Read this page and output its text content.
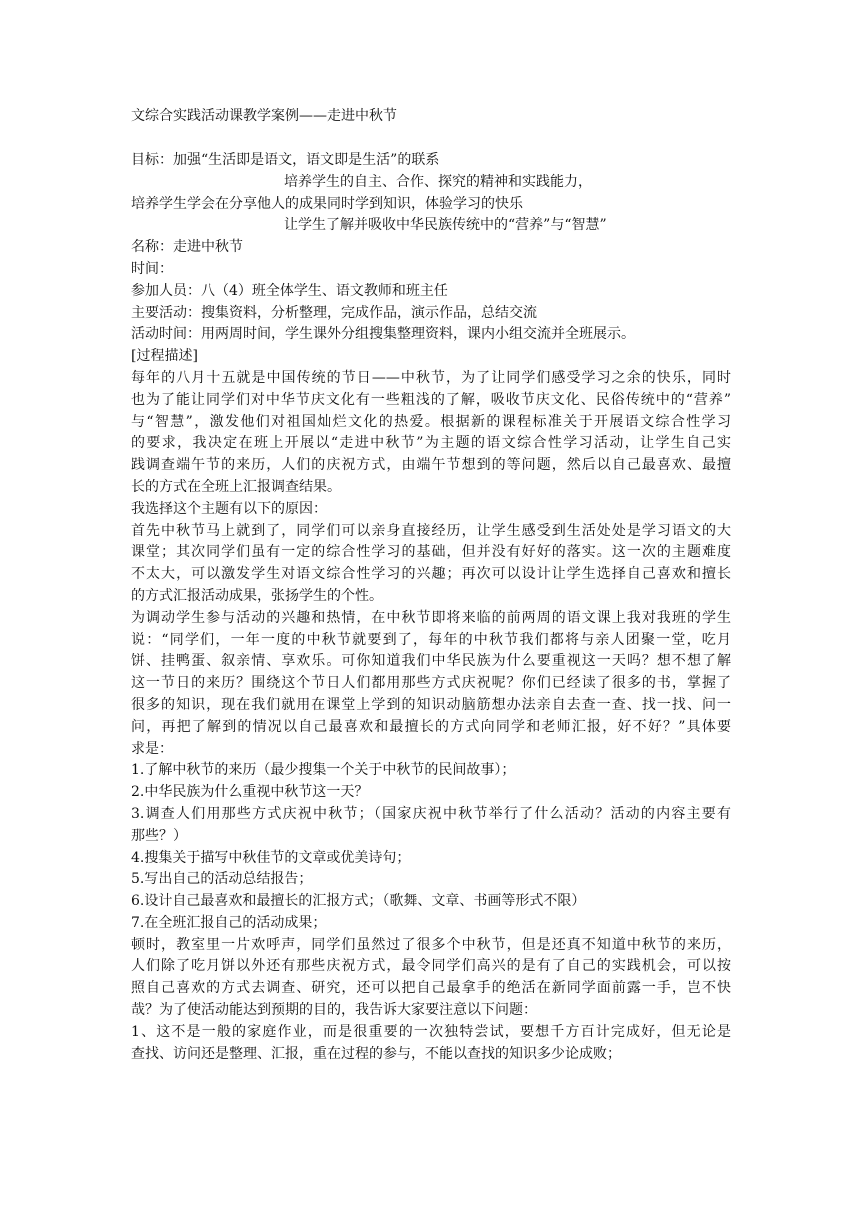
文综合实践活动课教学案例——走进中秋节
目标：加强“生活即是语文，语文即是生活”的联系
培养学生的自主、合作、探究的精神和实践能力，
培养学生学会在分享他人的成果同时学到知识，体验学习的快乐
让学生了解并吸收中华民族传统中的“营养”与“智慧”
名称：走进中秋节
时间：
参加人员：八（4）班全体学生、语文教师和班主任
主要活动：搜集资料，分析整理，完成作品，演示作品，总结交流
活动时间：用两周时间，学生课外分组搜集整理资料，课内小组交流并全班展示。
[过程描述]
每年的八月十五就是中国传统的节日——中秋节，为了让同学们感受学习之余的快乐，同时
也为了能让同学们对中华节庆文化有一些粗浅的了解，吸收节庆文化、民俗传统中的“营养”
与“智慧”，激发他们对祖国灿烂文化的热爱。根据新的课程标准关于开展语文综合性学习
的要求，我决定在班上开展以“走进中秋节”为主题的语文综合性学习活动，让学生自己实
践调查端午节的来历，人们的庆祝方式，由端午节想到的等问题，然后以自己最喜欢、最擅
长的方式在全班上汇报调查结果。
我选择这个主题有以下的原因：
首先中秋节马上就到了，同学们可以亲身直接经历，让学生感受到生活处处是学习语文的大
课堂；其次同学们虽有一定的综合性学习的基础，但并没有好好的落实。这一次的主题难度
不太大，可以激发学生对语文综合性学习的兴趣；再次可以设计让学生选择自己喜欢和擅长
的方式汇报活动成果，张扬学生的个性。
为调动学生参与活动的兴趣和热情，在中秋节即将来临的前两周的语文课上我对我班的学生
说：“同学们，一年一度的中秋节就要到了，每年的中秋节我们都将与亲人团聚一堂，吃月
饼、挂鸭蛋、叙亲情、享欢乐。可你知道我们中华民族为什么要重视这一天吗？想不想了解
这一节日的来历？围绕这个节日人们都用那些方式庆祝呢？你们已经读了很多的书，掌握了
很多的知识，现在我们就用在课堂上学到的知识动脑筋想办法亲自去查一查、找一找、问一
问，再把了解到的情况以自己最喜欢和最擅长的方式向同学和老师汇报，好不好？”具体要
求是：
1.了解中秋节的来历（最少搜集一个关于中秋节的民间故事）；
2.中华民族为什么重视中秋节这一天？
3.调查人们用那些方式庆祝中秋节；（国家庆祝中秋节举行了什么活动？活动的内容主要有
那些？）
4.搜集关于描写中秋佳节的文章或优美诗句；
5.写出自己的活动总结报告；
6.设计自己最喜欢和最擅长的汇报方式；（歌舞、文章、书画等形式不限）
7.在全班汇报自己的活动成果；
顿时，教室里一片欢呼声，同学们虽然过了很多个中秋节，但是还真不知道中秋节的来历，
人们除了吃月饼以外还有那些庆祝方式，最令同学们高兴的是有了自己的实践机会，可以按
照自己喜欢的方式去调查、研究，还可以把自己最拿手的绝活在新同学面前露一手，岂不快
哉？为了使活动能达到预期的目的，我告诉大家要注意以下问题：
1、这不是一般的家庭作业，而是很重要的一次独特尝试，要想千方百计完成好，但无论是
查找、访问还是整理、汇报，重在过程的参与，不能以查找的知识多少论成败；
